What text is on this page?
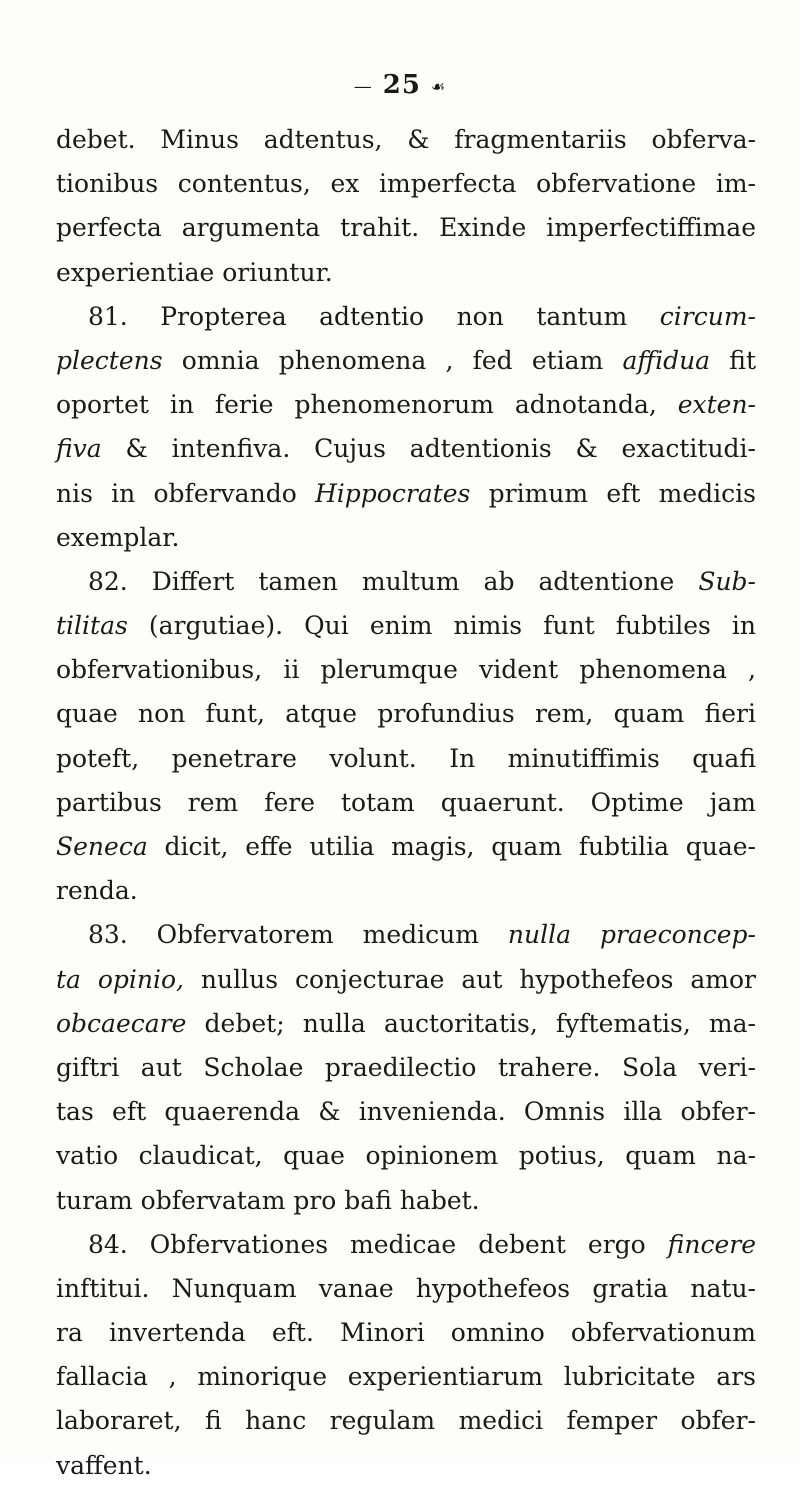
— 25 ☙
debet. Minus adtentus, & fragmentariis obferva-
tionibus contentus, ex imperfecta obfervatione im-
perfecta argumenta trahit. Exinde imperfectiffimae
experientiae oriuntur.
81. Propterea adtentio non tantum circum-
plectens omnia phenomena , fed etiam affidua fit
oportet in ferie phenomenorum adnotanda, exten-
fiva & intenfiva. Cujus adtentionis & exactitudi-
nis in obfervando Hippocrates primum eft medicis
exemplar.
82. Differt tamen multum ab adtentione Sub-
tilitas (argutiae). Qui enim nimis funt fubtiles in
obfervationibus, ii plerumque vident phenomena ,
quae non funt, atque profundius rem, quam fieri
poteft, penetrare volunt. In minutiffimis quafi
partibus rem fere totam quaerunt. Optime jam
Seneca dicit, effe utilia magis, quam fubtilia quae-
renda.
83. Obfervatorem medicum nulla praeconcep-
ta opinio, nullus conjecturae aut hypothefeos amor
obcaecare debet; nulla auctoritatis, fyftematis, ma-
giftri aut Scholae praedilectio trahere. Sola veri-
tas eft quaerenda & invenienda. Omnis illa obfer-
vatio claudicat, quae opinionem potius, quam na-
turam obfervatam pro bafi habet.
84. Obfervationes medicae debent ergo fincere
inftitui. Nunquam vanae hypothefeos gratia natu-
ra invertenda eft. Minori omnino obfervationum
fallacia , minorique experientiarum lubricitate ars
laboraret, fi hanc regulam medici femper obfer-
vaffent.
